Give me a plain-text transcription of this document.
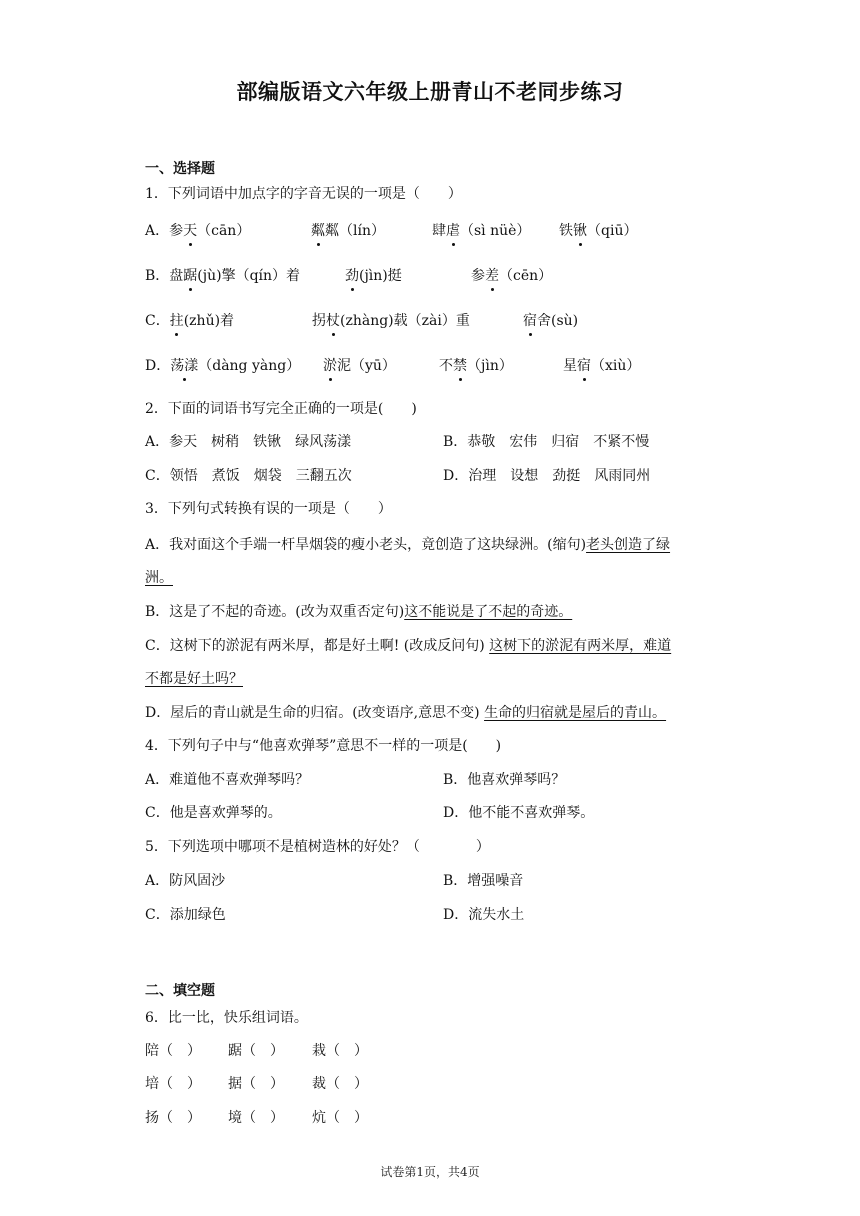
部编版语文六年级上册青山不老同步练习
一、选择题
1．下列词语中加点字的字音无误的一项是（　　）
A．参天（cān）	粼粼（lín）	肆虐（sì nüè） 铁锹（qiū）
B．盘踞(jù)擎（qín）着	劲(jìn)挺	参差（cēn）
C．拄(zhǔ)着	拐杖(zhàng)载（zài）重	宿舍(sù)
D．荡漾（dàng yàng） 淤泥（yū）	不禁（jìn）	星宿（xiù）
2．下面的词语书写完全正确的一项是(　　)
A．参天　树稍　铁锹　绿风荡漾	B．恭敬　宏伟　归宿　不紧不慢
C．领悟　煮饭　烟袋　三翻五次	D．治理　设想　劲挺　风雨同州
3．下列句式转换有误的一项是（　　）
A．我对面这个手端一杆旱烟袋的瘦小老头，竟创造了这块绿洲。(缩句)老头创造了绿
洲。
B．这是了不起的奇迹。(改为双重否定句)这不能说是了不起的奇迹。
C．这树下的淤泥有两米厚，都是好土啊! (改成反问句) 这树下的淤泥有两米厚，难道
不都是好土吗？
D．屋后的青山就是生命的归宿。(改变语序,意思不变) 生命的归宿就是屋后的青山。
4．下列句子中与“他喜欢弹琴”意思不一样的一项是(　　)
A．难道他不喜欢弹琴吗？	B．他喜欢弹琴吗？
C．他是喜欢弹琴的。	D．他不能不喜欢弹琴。
5．下列选项中哪项不是植树造林的好处？（　　　　）
A．防风固沙	B．增强噪音
C．添加绿色	D．流失水土
二、填空题
6．比一比，快乐组词语。
陪（　） 踞（　） 栽（　）
培（　） 据（　） 裁（　）
扬（　） 境（　） 炕（　）
试卷第1页，共4页
